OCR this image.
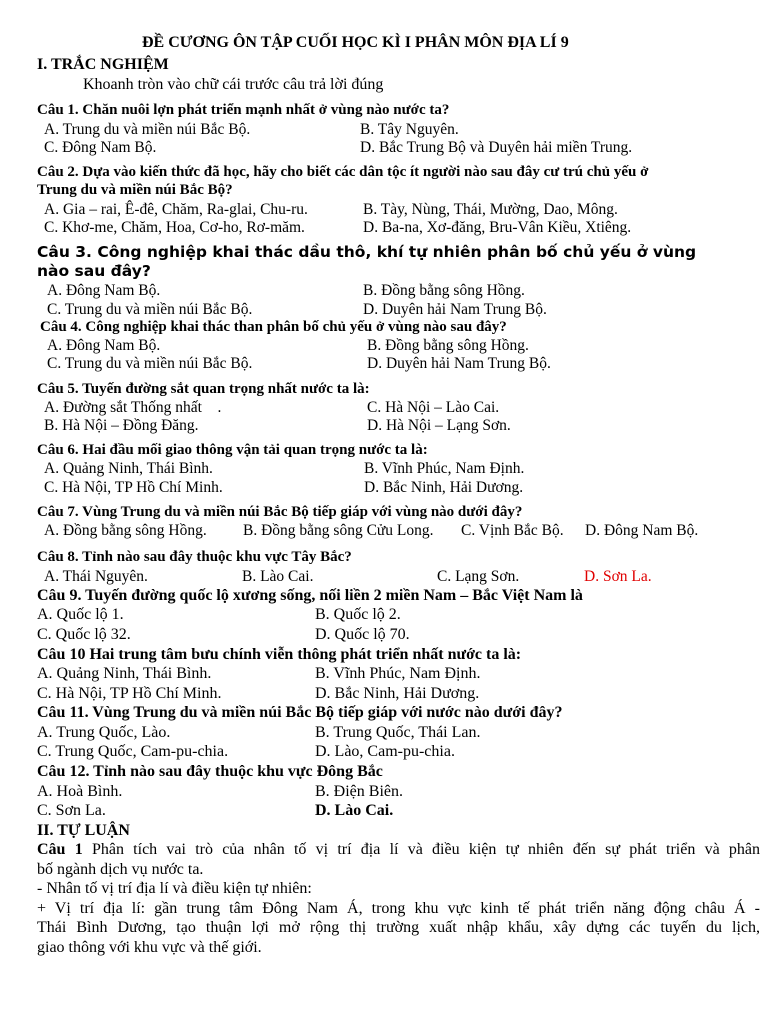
ĐỀ CƯƠNG ÔN TẬP CUỐI HỌC KÌ I PHÂN MÔN ĐỊA LÍ 9
I. TRẮC NGHIỆM
Khoanh tròn vào chữ cái trước câu trả lời đúng
Câu 1. Chăn nuôi lợn phát triển mạnh nhất ở vùng nào nước ta?
A. Trung du và miền núi Bắc Bộ.	B. Tây Nguyên.
C. Đông Nam Bộ.	D. Bắc Trung Bộ và Duyên hải miền Trung.
Câu 2. Dựa vào kiến thức đã học, hãy cho biết các dân tộc ít người nào sau đây cư trú chủ yếu ở
Trung du và miền núi Bắc Bộ?
A. Gia – rai, Ê-đê, Chăm, Ra-glai, Chu-ru.	B. Tày, Nùng, Thái, Mường, Dao, Mông.
C. Khơ-me, Chăm, Hoa, Cơ-ho, Rơ-măm.	D. Ba-na, Xơ-đăng, Bru-Vân Kiều, Xtiêng.
Câu 3. Công nghiệp khai thác dầu thô, khí tự nhiên phân bố chủ yếu ở vùng
nào sau đây?
A. Đông Nam Bộ.	B. Đồng bằng sông Hồng.
C. Trung du và miền núi Bắc Bộ.	D. Duyên hải Nam Trung Bộ.
Câu 4. Công nghiệp khai thác than phân bố chủ yếu ở vùng nào sau đây?
A. Đông Nam Bộ.	B. Đồng bằng sông Hồng.
C. Trung du và miền núi Bắc Bộ.	D. Duyên hải Nam Trung Bộ.
Câu 5. Tuyến đường sắt quan trọng nhất nước ta là:
A. Đường sắt Thống nhất    .	C. Hà Nội – Lào Cai.
B. Hà Nội – Đồng Đăng.	D. Hà Nội – Lạng Sơn.
Câu 6. Hai đầu mối giao thông vận tải quan trọng nước ta là:
A. Quảng Ninh, Thái Bình.	B. Vĩnh Phúc, Nam Định.
C. Hà Nội, TP Hồ Chí Minh.	D. Bắc Ninh, Hải Dương.
Câu 7. Vùng Trung du và miền núi Bắc Bộ tiếp giáp với vùng nào dưới đây?
A. Đồng bằng sông Hồng. B. Đồng bằng sông Cửu Long. C. Vịnh Bắc Bộ. D. Đông Nam Bộ.
Câu 8. Tỉnh nào sau đây thuộc khu vực Tây Bắc?
A. Thái Nguyên.	B. Lào Cai.	C. Lạng Sơn.	D. Sơn La.
Câu 9. Tuyến đường quốc lộ xương sống, nối liền 2 miền Nam – Bắc Việt Nam là
A. Quốc lộ 1.	B. Quốc lộ 2.
C. Quốc lộ 32.	D. Quốc lộ 70.
Câu 10 Hai trung tâm bưu chính viễn thông phát triển nhất nước ta là:
A. Quảng Ninh, Thái Bình.	B. Vĩnh Phúc, Nam Định.
C. Hà Nội, TP Hồ Chí Minh.	D. Bắc Ninh, Hải Dương.
Câu 11. Vùng Trung du và miền núi Bắc Bộ tiếp giáp với nước nào dưới đây?
A. Trung Quốc, Lào.	B. Trung Quốc, Thái Lan.
C. Trung Quốc, Cam-pu-chia.	D. Lào, Cam-pu-chia.
Câu 12. Tỉnh nào sau đây thuộc khu vực Đông Bắc
A. Hoà Bình.	B. Điện Biên.
C. Sơn La.	D. Lào Cai.
II. TỰ LUẬN
Câu 1 Phân tích vai trò của nhân tố vị trí địa lí và điều kiện tự nhiên đến sự phát triển và phân
bố ngành dịch vụ nước ta.
- Nhân tố vị trí địa lí và điều kiện tự nhiên:
+ Vị trí địa lí: gần trung tâm Đông Nam Á, trong khu vực kinh tế phát triển năng động châu Á -
Thái Bình Dương, tạo thuận lợi mở rộng thị trường xuất nhập khẩu, xây dựng các tuyến du lịch,
giao thông với khu vực và thế giới.
